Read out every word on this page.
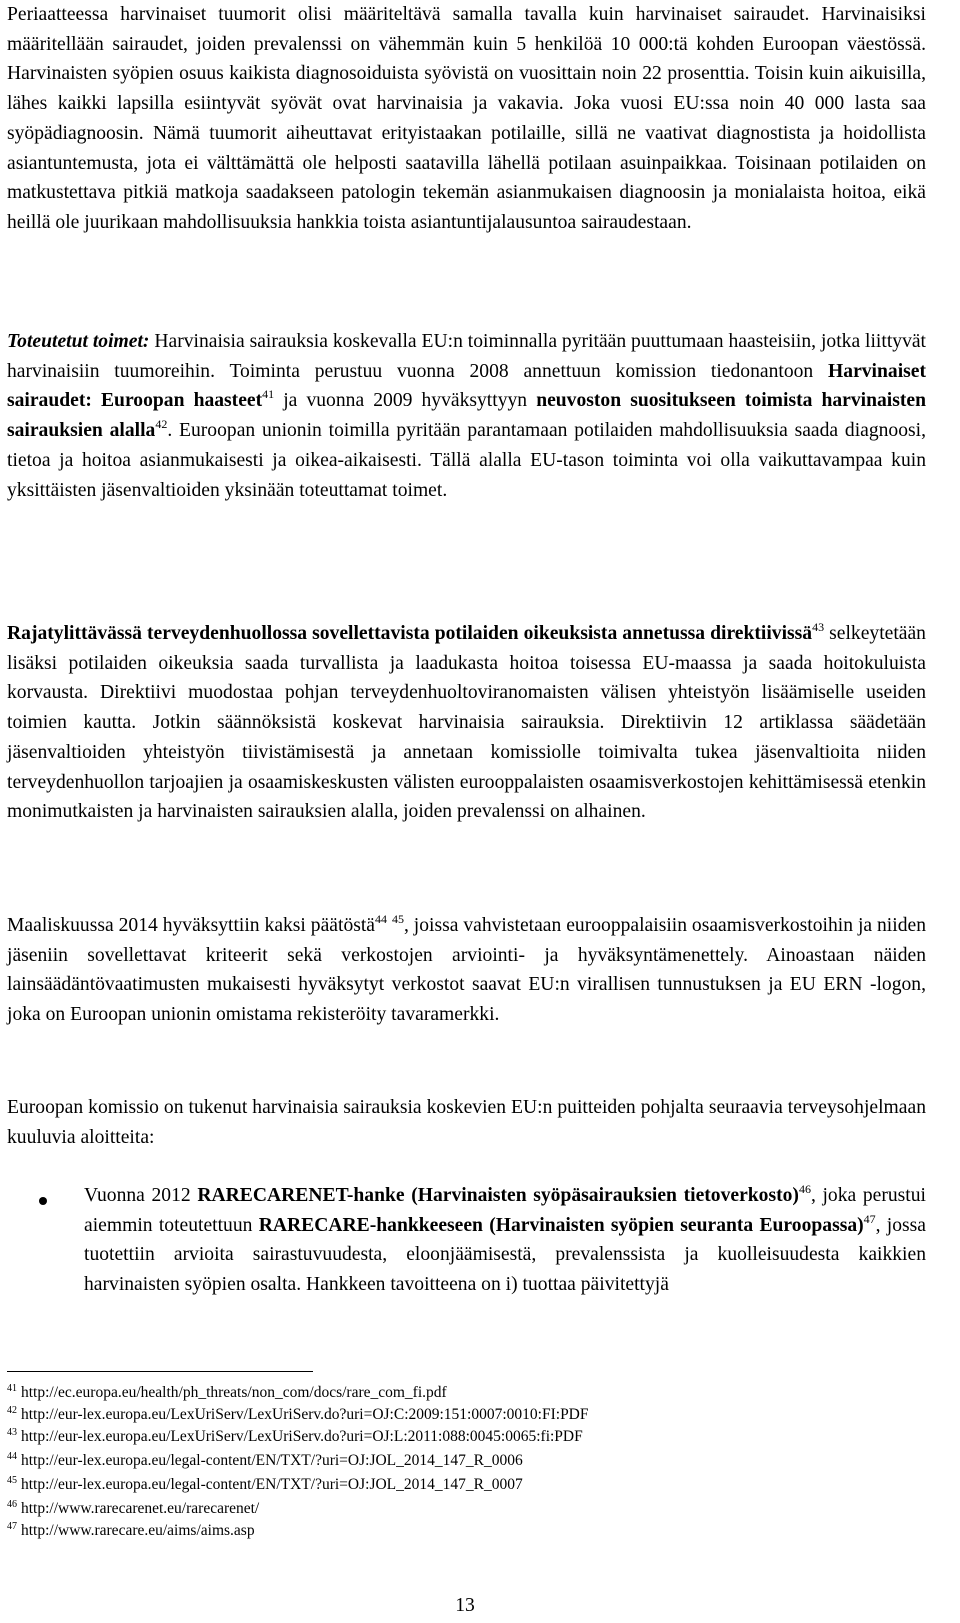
Periaatteessa harvinaiset tuumorit olisi määriteltävä samalla tavalla kuin harvinaiset sairaudet. Harvinaisiksi määritellään sairaudet, joiden prevalenssi on vähemmän kuin 5 henkilöä 10 000:tä kohden Euroopan väestössä. Harvinaisten syöpien osuus kaikista diagnosoiduista syövistä on vuosittain noin 22 prosenttia. Toisin kuin aikuisilla, lähes kaikki lapsilla esiintyvät syövät ovat harvinaisia ja vakavia. Joka vuosi EU:ssa noin 40 000 lasta saa syöpädiagnoosin. Nämä tuumorit aiheuttavat erityistaakan potilaille, sillä ne vaativat diagnostista ja hoidollista asiantuntemusta, jota ei välttämättä ole helposti saatavilla lähellä potilaan asuinpaikkaa. Toisinaan potilaiden on matkustettava pitkiä matkoja saadakseen patologin tekemän asianmukaisen diagnoosin ja monialaista hoitoa, eikä heillä ole juurikaan mahdollisuuksia hankkia toista asiantuntijalausuntoa sairaudestaan.

Toteutetut toimet: Harvinaisia sairauksia koskevalla EU:n toiminnalla pyritään puuttumaan haasteisiin, jotka liittyvät harvinaisiin tuumoreihin. Toiminta perustuu vuonna 2008 annettuun komission tiedonantoon Harvinaiset sairaudet: Euroopan haasteet$^{41}$ ja vuonna 2009 hyväksyttyyn neuvoston suositukseen toimista harvinaisten sairauksien alalla$^{42}$. Euroopan unionin toimilla pyritään parantamaan potilaiden mahdollisuuksia saada diagnoosi, tietoa ja hoitoa asianmukaisesti ja oikea-aikaisesti. Tällä alalla EU-tason toiminta voi olla vaikuttavampaa kuin yksittäisten jäsenvaltioiden yksinään toteuttamat toimet.

Rajatylittävässä terveydenhuollossa sovellettavista potilaiden oikeuksista annetussa direktiivissä$^{43}$ selkeytetään lisäksi potilaiden oikeuksia saada turvallista ja laadukasta hoitoa toisessa EU-maassa ja saada hoitokuluista korvausta. Direktiivi muodostaa pohjan terveydenhuoltoviranomaisten välisen yhteistyön lisäämiselle useiden toimien kautta. Jotkin säännöksistä koskevat harvinaisia sairauksia. Direktiivin 12 artiklassa säädetään jäsenvaltioiden yhteistyön tiivistämisestä ja annetaan komissiolle toimivalta tukea jäsenvaltioita niiden terveydenhuollon tarjoajien ja osaamiskeskusten välisten eurooppalaisten osaamisverkostojen kehittämisessä etenkin monimutkaisten ja harvinaisten sairauksien alalla, joiden prevalenssi on alhainen.

Maaliskuussa 2014 hyväksyttiin kaksi päätöstä$^{44}$ $^{45}$, joissa vahvistetaan eurooppalaisiin osaamisverkostoihin ja niiden jäseniin sovellettavat kriteerit sekä verkostojen arviointi- ja hyväksyntämenettely. Ainoastaan näiden lainsäädäntövaatimusten mukaisesti hyväksytyt verkostot saavat EU:n virallisen tunnustuksen ja EU ERN -logon, joka on Euroopan unionin omistama rekisteröity tavaramerkki.

Euroopan komissio on tukenut harvinaisia sairauksia koskevien EU:n puitteiden pohjalta seuraavia terveysohjelmaan kuuluvia aloitteita:

Vuonna 2012 RARECARENET-hanke (Harvinaisten syöpäsairauksien tietoverkosto)$^{46}$, joka perustui aiemmin toteutettuun RARECARE-hankkeeseen (Harvinaisten syöpien seuranta Euroopassa)$^{47}$, jossa tuotettiin arvioita sairastuvuudesta, eloonjäämisestä, prevalenssista ja kuolleisuudesta kaikkien harvinaisten syöpien osalta. Hankkeen tavoitteena on i) tuottaa päivitettyjä

$^{41}$ http://ec.europa.eu/health/ph_threats/non_com/docs/rare_com_fi.pdf
$^{42}$ http://eur-lex.europa.eu/LexUriServ/LexUriServ.do?uri=OJ:C:2009:151:0007:0010:FI:PDF
$^{43}$ http://eur-lex.europa.eu/LexUriServ/LexUriServ.do?uri=OJ:L:2011:088:0045:0065:fi:PDF
$^{44}$ http://eur-lex.europa.eu/legal-content/EN/TXT/?uri=OJ:JOL_2014_147_R_0006
$^{45}$ http://eur-lex.europa.eu/legal-content/EN/TXT/?uri=OJ:JOL_2014_147_R_0007
$^{46}$ http://www.rarecarenet.eu/rarecarenet/
$^{47}$ http://www.rarecare.eu/aims/aims.asp
13
